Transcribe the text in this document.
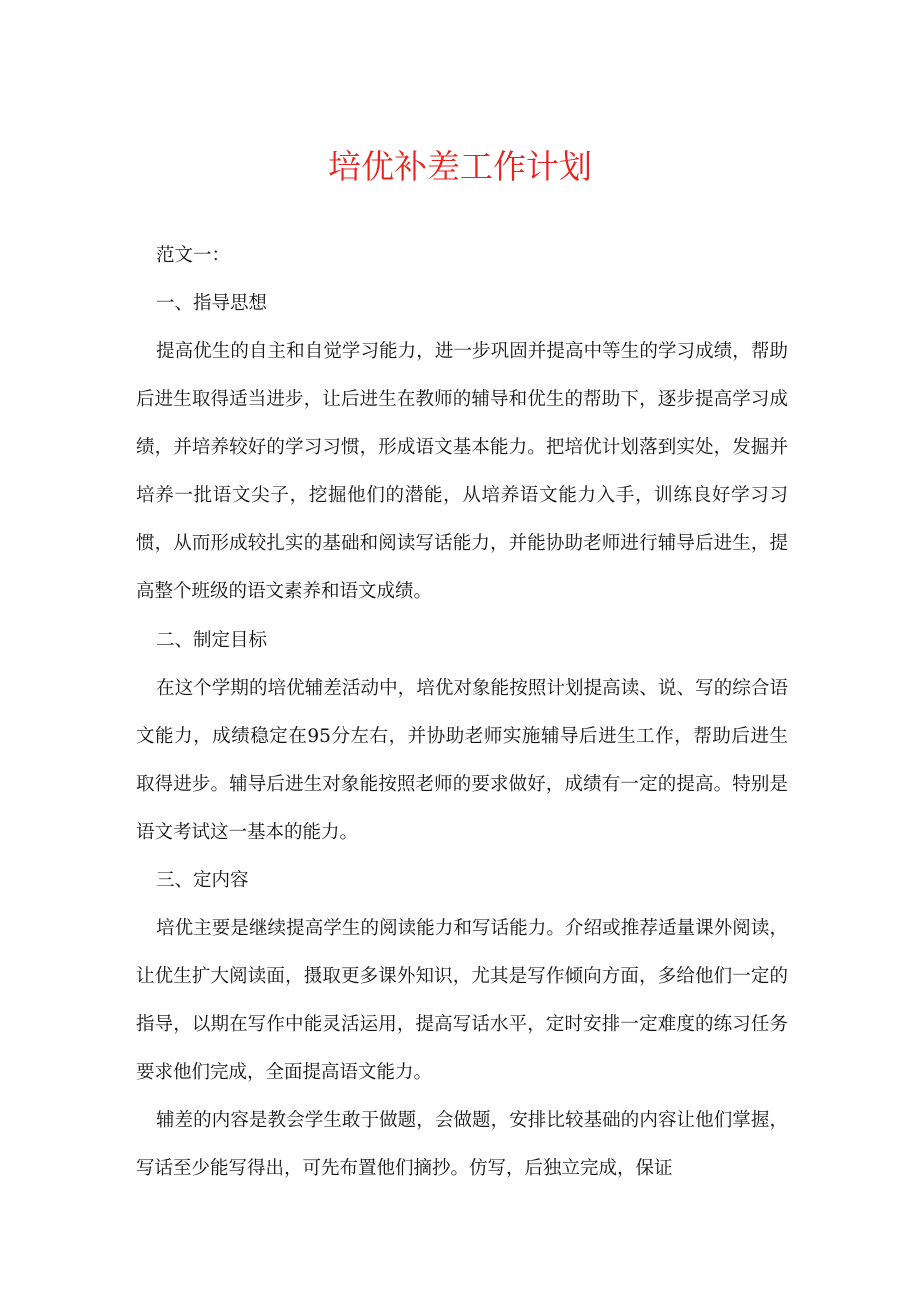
培优补差工作计划

范文一：

一、指导思想

提高优生的自主和自觉学习能力，进一步巩固并提高中等生的学习成绩，帮助后进生取得适当进步，让后进生在教师的辅导和优生的帮助下，逐步提高学习成绩，并培养较好的学习习惯，形成语文基本能力。把培优计划落到实处，发掘并培养一批语文尖子，挖掘他们的潜能，从培养语文能力入手，训练良好学习习惯，从而形成较扎实的基础和阅读写话能力，并能协助老师进行辅导后进生，提高整个班级的语文素养和语文成绩。

二、制定目标

在这个学期的培优辅差活动中，培优对象能按照计划提高读、说、写的综合语文能力，成绩稳定在95分左右，并协助老师实施辅导后进生工作，帮助后进生取得进步。辅导后进生对象能按照老师的要求做好，成绩有一定的提高。特别是语文考试这一基本的能力。

三、定内容

培优主要是继续提高学生的阅读能力和写话能力。介绍或推荐适量课外阅读，让优生扩大阅读面，摄取更多课外知识，尤其是写作倾向方面，多给他们一定的指导，以期在写作中能灵活运用，提高写话水平，定时安排一定难度的练习任务要求他们完成，全面提高语文能力。

辅差的内容是教会学生敢于做题，会做题，安排比较基础的内容让他们掌握，写话至少能写得出，可先布置他们摘抄。仿写，后独立完成，保证
